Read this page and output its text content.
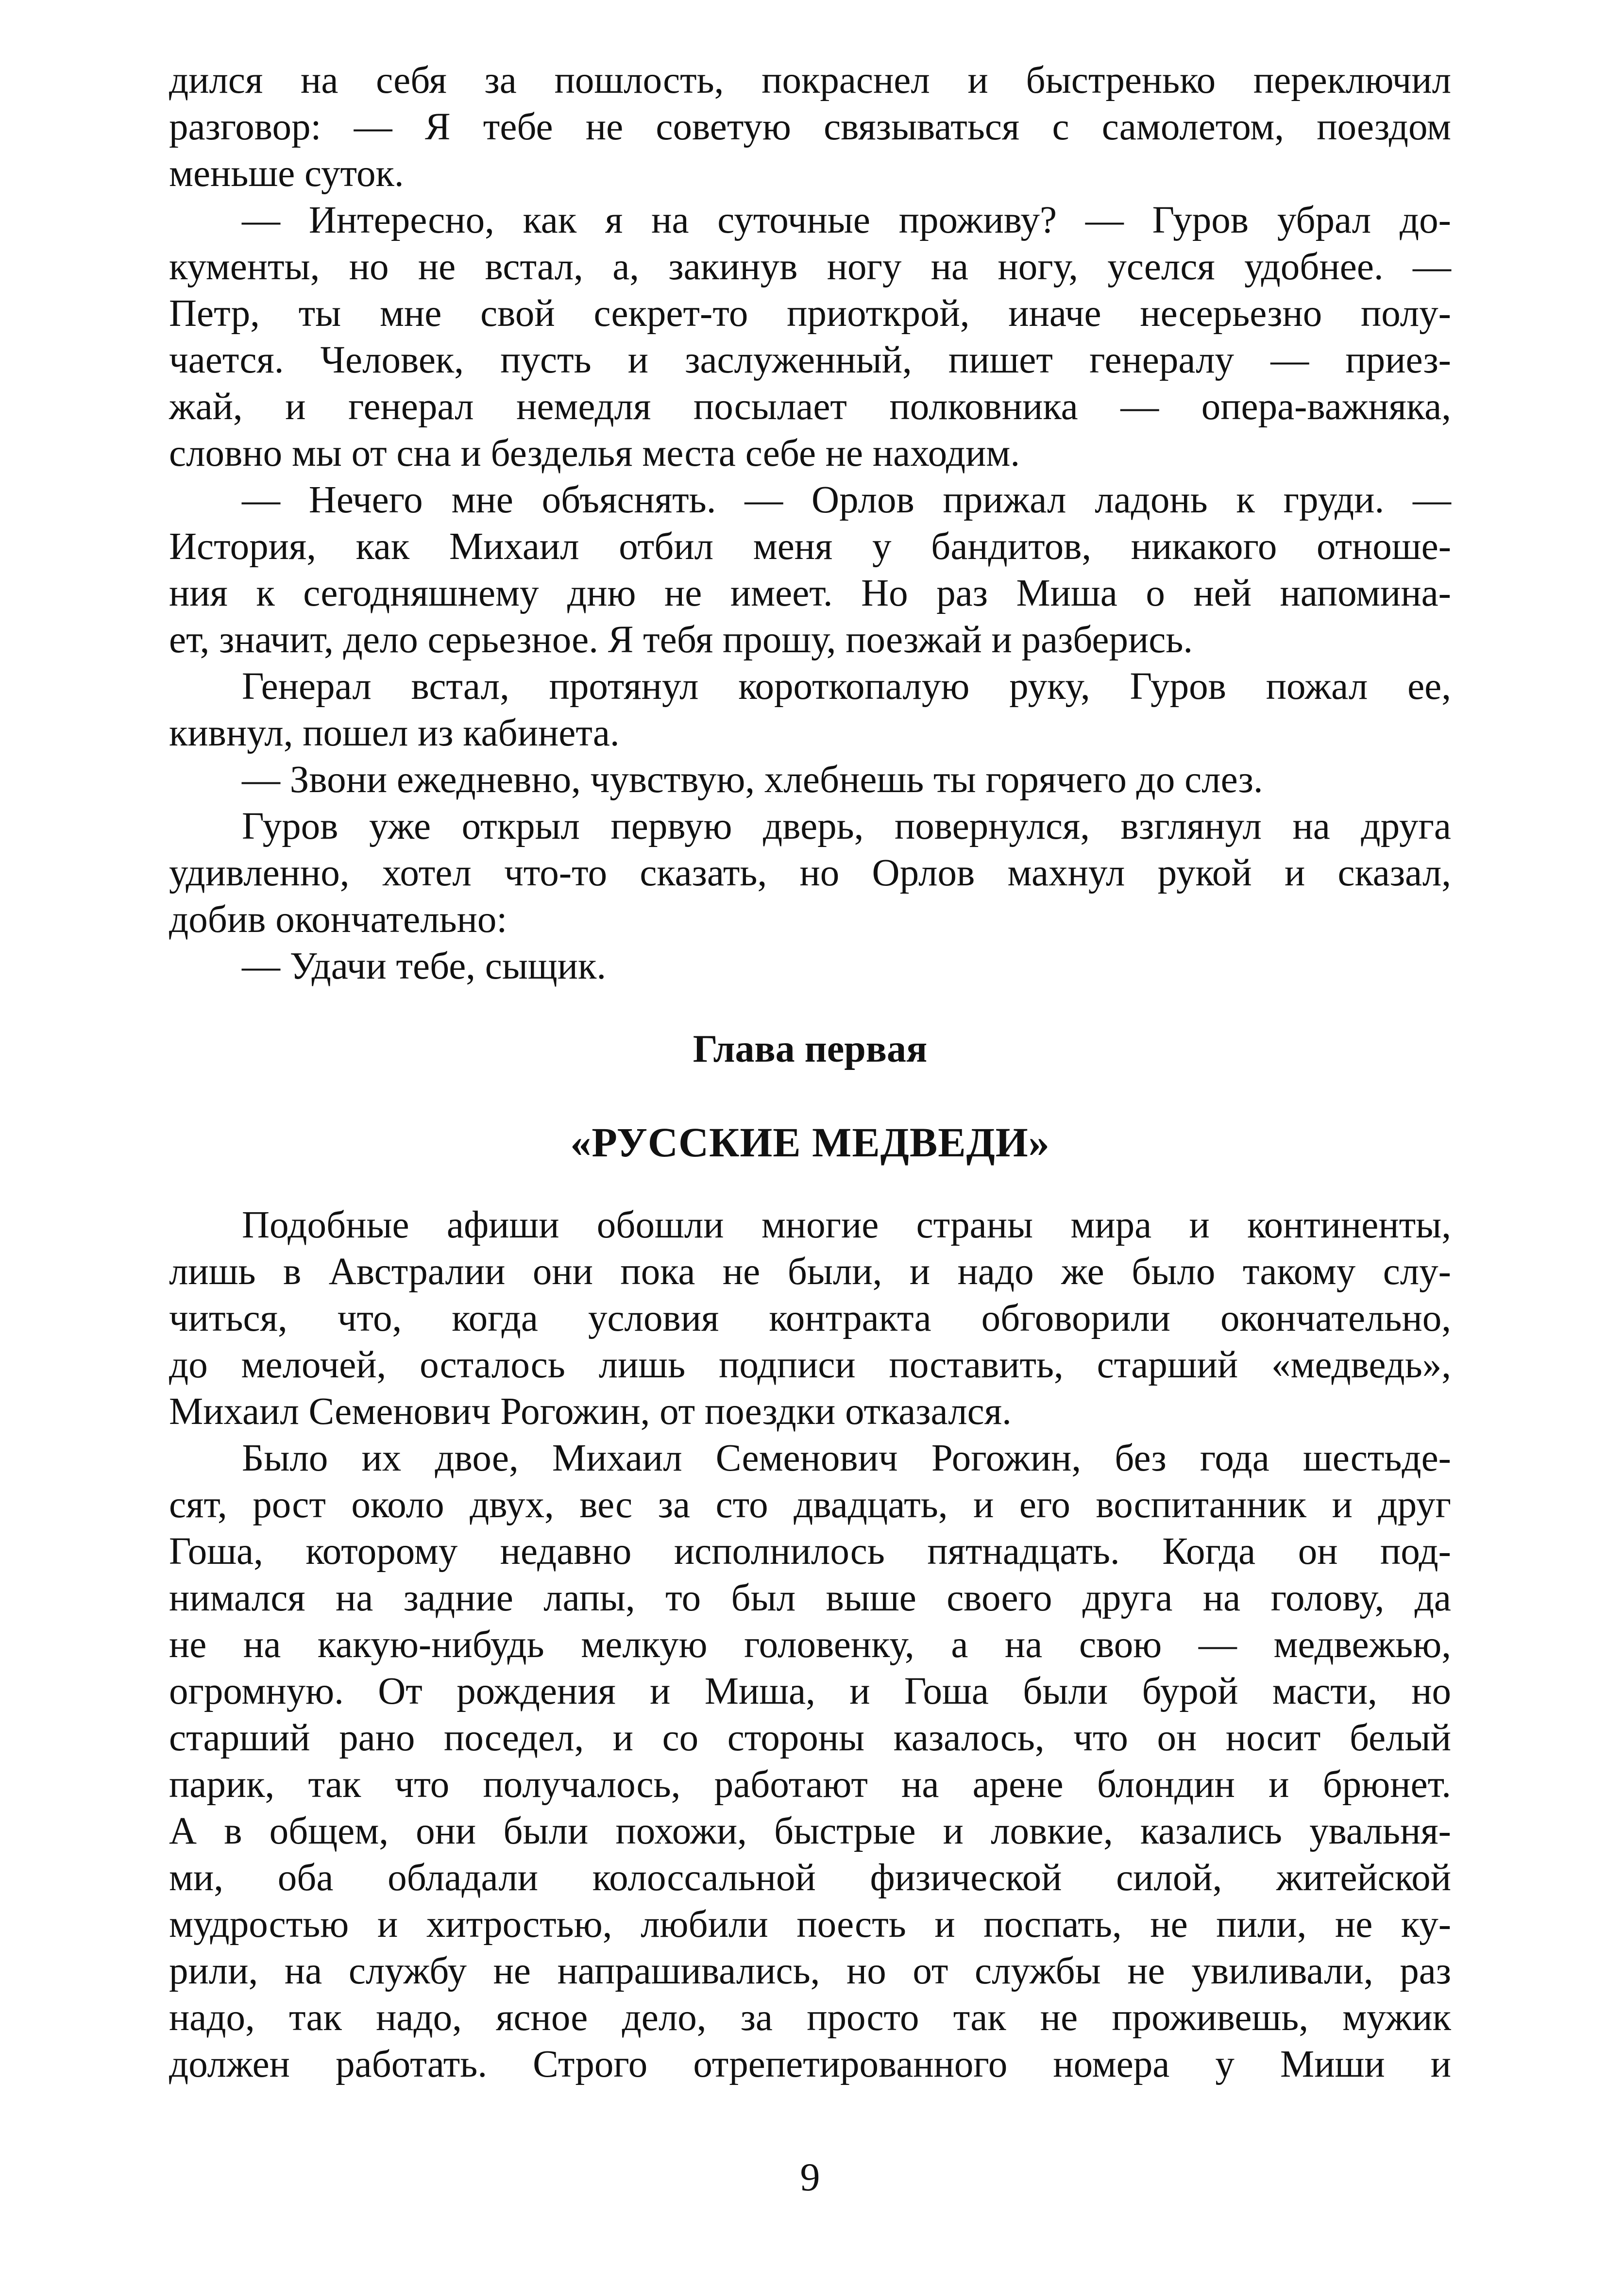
дился на себя за пошлость, покраснел и быстренько переключил
разговор: — Я тебе не советую связываться с самолетом, поездом
меньше суток.
— Интересно, как я на суточные проживу? — Гуров убрал до-
кументы, но не встал, а, закинув ногу на ногу, уселся удобнее. —
Петр, ты мне свой секрет-то приоткрой, иначе несерьезно полу-
чается. Человек, пусть и заслуженный, пишет генералу — приез-
жай, и генерал немедля посылает полковника — опера-важняка,
словно мы от сна и безделья места себе не находим.
— Нечего мне объяснять. — Орлов прижал ладонь к груди. —
История, как Михаил отбил меня у бандитов, никакого отноше-
ния к сегодняшнему дню не имеет. Но раз Миша о ней напомина-
ет, значит, дело серьезное. Я тебя прошу, поезжай и разберись.
Генерал встал, протянул короткопалую руку, Гуров пожал ее,
кивнул, пошел из кабинета.
— Звони ежедневно, чувствую, хлебнешь ты горячего до слез.
Гуров уже открыл первую дверь, повернулся, взглянул на друга
удивленно, хотел что-то сказать, но Орлов махнул рукой и сказал,
добив окончательно:
— Удачи тебе, сыщик.
Глава первая
«РУССКИЕ МЕДВЕДИ»
Подобные афиши обошли многие страны мира и континенты,
лишь в Австралии они пока не были, и надо же было такому слу-
читься, что, когда условия контракта обговорили окончательно,
до мелочей, осталось лишь подписи поставить, старший «медведь»,
Михаил Семенович Рогожин, от поездки отказался.
Было их двое, Михаил Семенович Рогожин, без года шестьде-
сят, рост около двух, вес за сто двадцать, и его воспитанник и друг
Гоша, которому недавно исполнилось пятнадцать. Когда он под-
нимался на задние лапы, то был выше своего друга на голову, да
не на какую-нибудь мелкую головенку, а на свою — медвежью,
огромную. От рождения и Миша, и Гоша были бурой масти, но
старший рано поседел, и со стороны казалось, что он носит белый
парик, так что получалось, работают на арене блондин и брюнет.
А в общем, они были похожи, быстрые и ловкие, казались увальня-
ми, оба обладали колоссальной физической силой, житейской
мудростью и хитростью, любили поесть и поспать, не пили, не ку-
рили, на службу не напрашивались, но от службы не увиливали, раз
надо, так надо, ясное дело, за просто так не проживешь, мужик
должен работать. Строго отрепетированного номера у Миши и
9
